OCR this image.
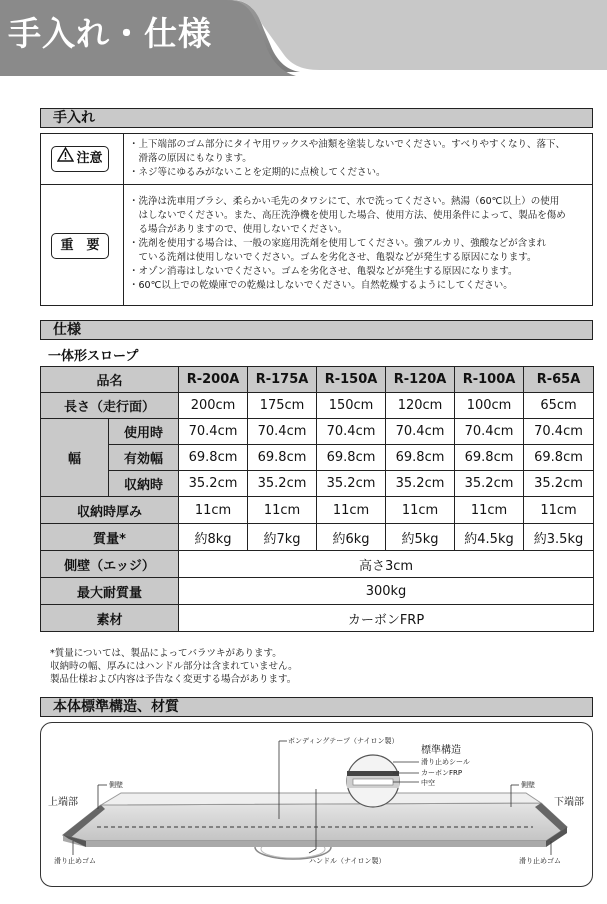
手入れ・仕様
手入れ
注意
・上下端部のゴム部分にタイヤ用ワックスや油類を塗装しないでください。すべりやすくなり、落下、
　滑落の原因にもなります。
・ネジ等にゆるみがないことを定期的に点検してください。
重　要
・洗浄は洗車用ブラシ、柔らかい毛先のタワシにて、水で洗ってください。熱湯（60℃以上）の使用
　はしないでください。また、高圧洗浄機を使用した場合、使用方法、使用条件によって、製品を傷め
　る場合がありますので、使用しないでください。
・洗剤を使用する場合は、一般の家庭用洗剤を使用してください。強アルカリ、強酸などが含まれ
　ている洗剤は使用しないでください。ゴムを劣化させ、亀裂などが発生する原因になります。
・オゾン消毒はしないでください。ゴムを劣化させ、亀裂などが発生する原因になります。
・60℃以上での乾燥庫での乾燥はしないでください。自然乾燥するようにしてください。
仕様
一体形スロープ
品名		R-200A	R-175A	R-150A	R-120A	R-100A	R-65A
長さ（走行面）		200cm	175cm	150cm	120cm	100cm	65cm
幅	使用時	70.4cm	70.4cm	70.4cm	70.4cm	70.4cm	70.4cm
	有効幅	69.8cm	69.8cm	69.8cm	69.8cm	69.8cm	69.8cm
	収納時	35.2cm	35.2cm	35.2cm	35.2cm	35.2cm	35.2cm
収納時厚み		11cm	11cm	11cm	11cm	11cm	11cm
質量*		約8kg	約7kg	約6kg	約5kg	約4.5kg	約3.5kg
側壁（エッジ）		高さ3cm					
最大耐質量		300kg					
素材		カーボンFRP					
*質量については、製品によってバラツキがあります。
収納時の幅、厚みにはハンドル部分は含まれていません。
製品仕様および内容は予告なく変更する場合があります。
本体標準構造、材質
ボンディングテープ（ナイロン製）
標準構造
滑り止めシール
カーボンFRP
中空
側壁	側壁
上端部	下端部
滑り止めゴム	滑り止めゴム
ハンドル（ナイロン製）
